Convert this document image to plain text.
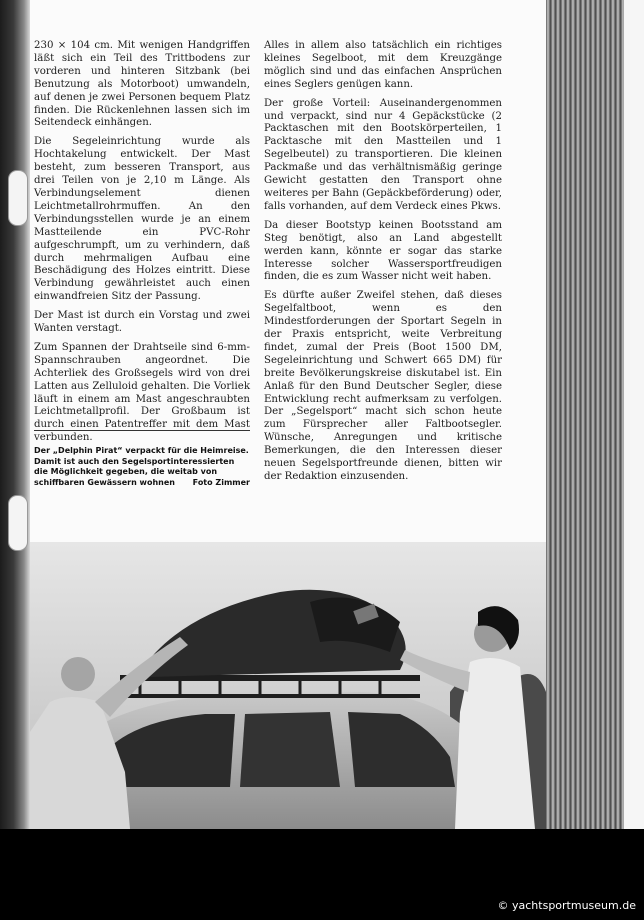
230 × 104 cm. Mit wenigen Handgriffen läßt sich ein Teil des Trittbodens zur vorderen und hinteren Sitzbank (bei Benutzung als Motorboot) umwandeln, auf denen je zwei Personen bequem Platz finden. Die Rückenlehnen lassen sich im Seitendeck einhängen.

Die Segeleinrichtung wurde als Hochtakelung entwickelt. Der Mast besteht, zum besseren Transport, aus drei Teilen von je 2,10 m Länge. Als Verbindungselement dienen Leichtmetallrohrmuffen. An den Verbindungsstellen wurde je an einem Mastteilende ein PVC-Rohr aufgeschrumpft, um zu verhindern, daß durch mehrmaligen Aufbau eine Beschädigung des Holzes eintritt. Diese Verbindung gewährleistet auch einen einwandfreien Sitz der Passung.

Der Mast ist durch ein Vorstag und zwei Wanten verstagt.

Zum Spannen der Drahtseile sind 6-mm-Spannschrauben angeordnet. Die Achterliek des Großsegels wird von drei Latten aus Zelluloid gehalten. Die Vorliek läuft in einem am Mast angeschraubten Leichtmetallprofil. Der Großbaum ist durch einen Patentreffer mit dem Mast verbunden.

Der „Delphin Pirat“ verpackt für die Heimreise. Damit ist auch den Segelsportinteressierten die Möglichkeit gegeben, die weitab von schiffbaren Gewässern wohnen Foto Zimmer

Alles in allem also tatsächlich ein richtiges kleines Segelboot, mit dem Kreuzgänge möglich sind und das einfachen Ansprüchen eines Seglers genügen kann.

Der große Vorteil: Auseinandergenommen und verpackt, sind nur 4 Gepäckstücke (2 Packtaschen mit den Bootskörperteilen, 1 Packtasche mit den Mastteilen und 1 Segelbeutel) zu transportieren. Die kleinen Packmaße und das verhältnismäßig geringe Gewicht gestatten den Transport ohne weiteres per Bahn (Gepäckbeförderung) oder, falls vorhanden, auf dem Verdeck eines Pkws.

Da dieser Bootstyp keinen Bootsstand am Steg benötigt, also an Land abgestellt werden kann, könnte er sogar das starke Interesse solcher Wassersportfreudigen finden, die es zum Wasser nicht weit haben.

Es dürfte außer Zweifel stehen, daß dieses Segelfaltboot, wenn es den Mindestforderungen der Sportart Segeln in der Praxis entspricht, weite Verbreitung findet, zumal der Preis (Boot 1500 DM, Segeleinrichtung und Schwert 665 DM) für breite Bevölkerungskreise diskutabel ist. Ein Anlaß für den Bund Deutscher Segler, diese Entwicklung recht aufmerksam zu verfolgen. Der „Segelsport“ macht sich schon heute zum Fürsprecher aller Faltbootsegler. Wünsche, Anregungen und kritische Bemerkungen, die den Interessen dieser neuen Segelsportfreunde dienen, bitten wir der Redaktion einzusenden.

© yachtsportmuseum.de
